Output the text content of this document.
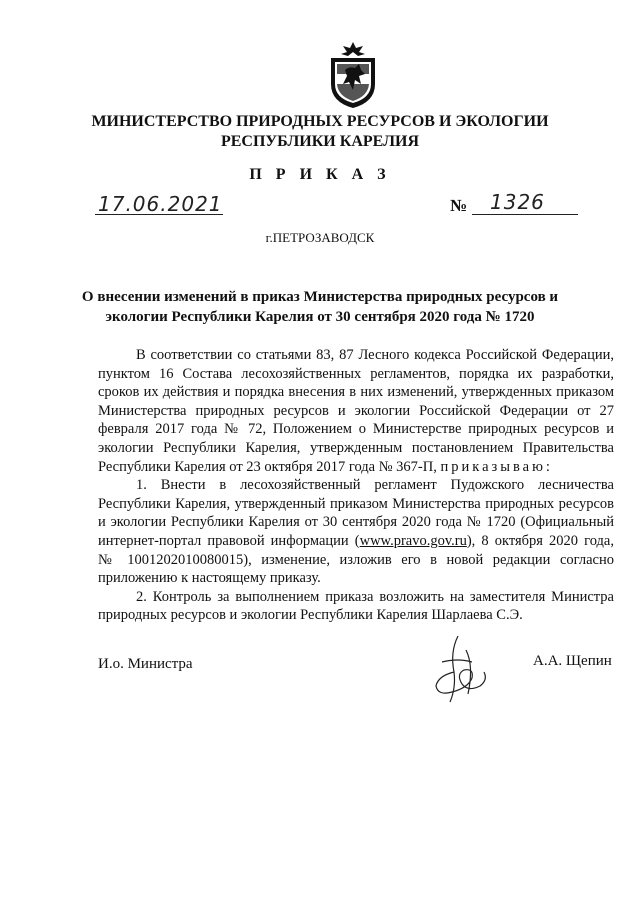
МИНИСТЕРСТВО ПРИРОДНЫХ РЕСУРСОВ И ЭКОЛОГИИ
РЕСПУБЛИКИ КАРЕЛИЯ
П Р И К А З
17.06.2021	№ 1326
г.ПЕТРОЗАВОДСК
О внесении изменений в приказ Министерства природных ресурсов и
экологии Республики Карелия от 30 сентября 2020 года № 1720

В соответствии со статьями 83, 87 Лесного кодекса Российской Федерации, пунктом 16 Состава лесохозяйственных регламентов, порядка их разработки, сроков их действия и порядка внесения в них изменений, утвержденных приказом Министерства природных ресурсов и экологии Российской Федерации от 27 февраля 2017 года № 72, Положением о Министерстве природных ресурсов и экологии Республики Карелия, утвержденным постановлением Правительства Республики Карелия от 23 октября 2017 года № 367-П, приказываю:

1. Внести в лесохозяйственный регламент Пудожского лесничества Республики Карелия, утвержденный приказом Министерства природных ресурсов и экологии Республики Карелия от 30 сентября 2020 года № 1720 (Официальный интернет-портал правовой информации (www.pravo.gov.ru), 8 октября 2020 года, № 1001202010080015), изменение, изложив его в новой редакции согласно приложению к настоящему приказу.

2. Контроль за выполнением приказа возложить на заместителя Министра природных ресурсов и экологии Республики Карелия Шарлаева С.Э.

И.о. Министра	А.А. Щепин
